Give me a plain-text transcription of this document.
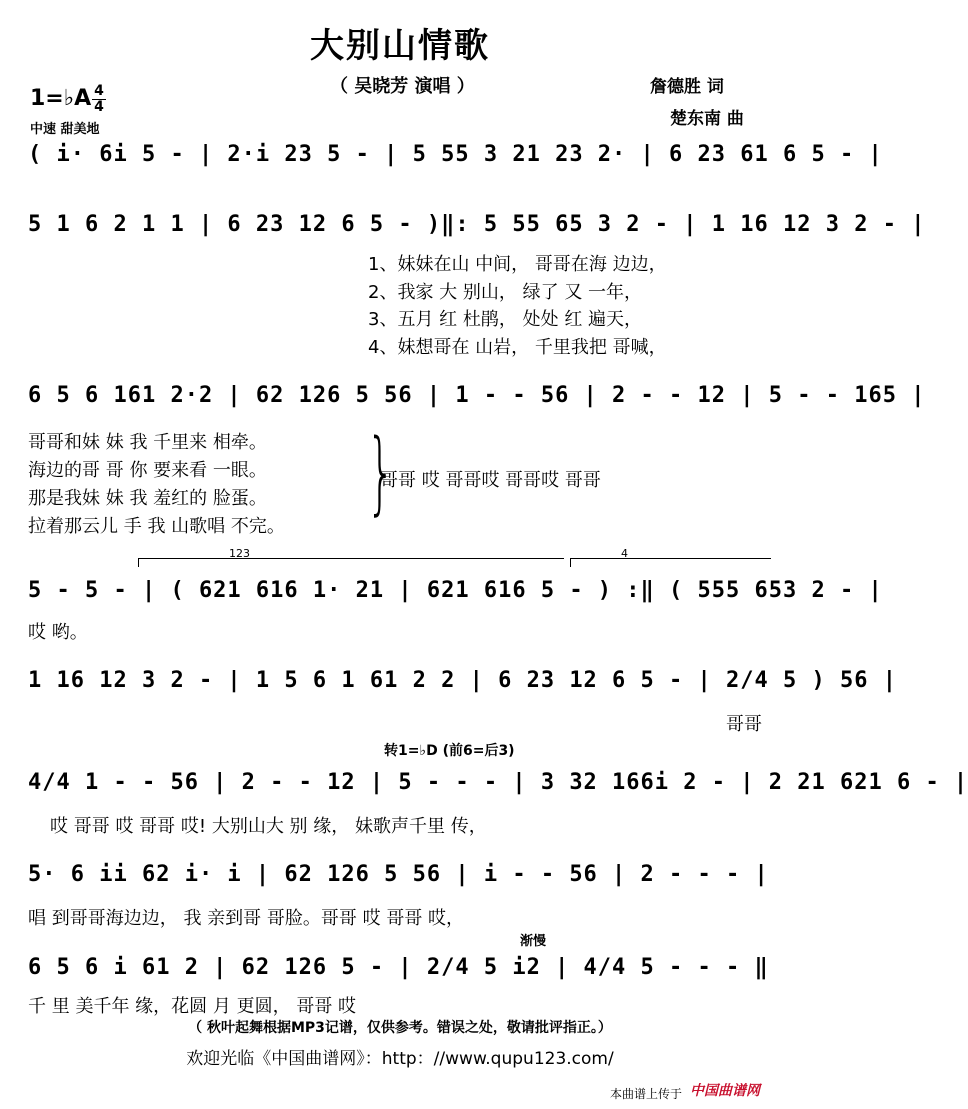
大别山情歌
（ 吴晓芳 演唱 ）
1=♭A 4
4
中速 甜美地
詹德胜 词
楚东南 曲
( i· 6i 5 - | 2·i 23 5 - | 5 55 3 21 23 2· | 6 23 61 6 5 - |
5 1 6 2 1 1 | 6 23 12 6 5 - )‖: 5 55 65 3 2 - | 1 16 12 3 2 - |
1、妹妹在山 中间， 哥哥在海 边边，
2、我家 大 别山， 绿了 又 一年，
3、五月 红 杜鹃， 处处 红 遍天，
4、妹想哥在 山岩， 千里我把 哥喊，
6 5 6 161 2·2 | 62 126 5 56 | 1 - - 56 | 2 - - 12 | 5 - - 165 |
哥哥和妹 妹 我 千里来 相牵。
海边的哥 哥 你 要来看 一眼。
那是我妹 妹 我 羞红的 脸蛋。
拉着那云儿 手 我 山歌唱 不完。
}
哥哥 哎 哥哥哎 哥哥哎 哥哥
123	4
5 - 5 - | ( 621 616 1· 21 | 621 616 5 - ) :‖ ( 555 653 2 - |
哎 哟。
1 16 12 3 2 - | 1 5 6 1 61 2 2 | 6 23 12 6 5 - | 2/4 5 ) 56 |
哥哥
转1=♭D (前6=后3)
4/4 1 - - 56 | 2 - - 12 | 5 - - - | 3 32 166i 2 - | 2 21 621 6 - |
哎 哥哥 哎 哥哥 哎! 大别山大 别 缘， 妹歌声千里 传，
5· 6 ii 62 i· i | 62 126 5 56 | i - - 56 | 2 - - - |
唱 到哥哥海边边， 我 亲到哥 哥脸。哥哥 哎 哥哥 哎，
渐慢
6 5 6 i 61 2 | 62 126 5 - | 2/4 5 i2 | 4/4 5 - - - ‖
千 里 美千年 缘，花圆 月 更圆， 哥哥 哎
（ 秋叶起舞根据MP3记谱，仅供参考。错误之处，敬请批评指正。）
欢迎光临《中国曲谱网》：http：//www.qupu123.com/
本曲谱上传于 中国曲谱网
